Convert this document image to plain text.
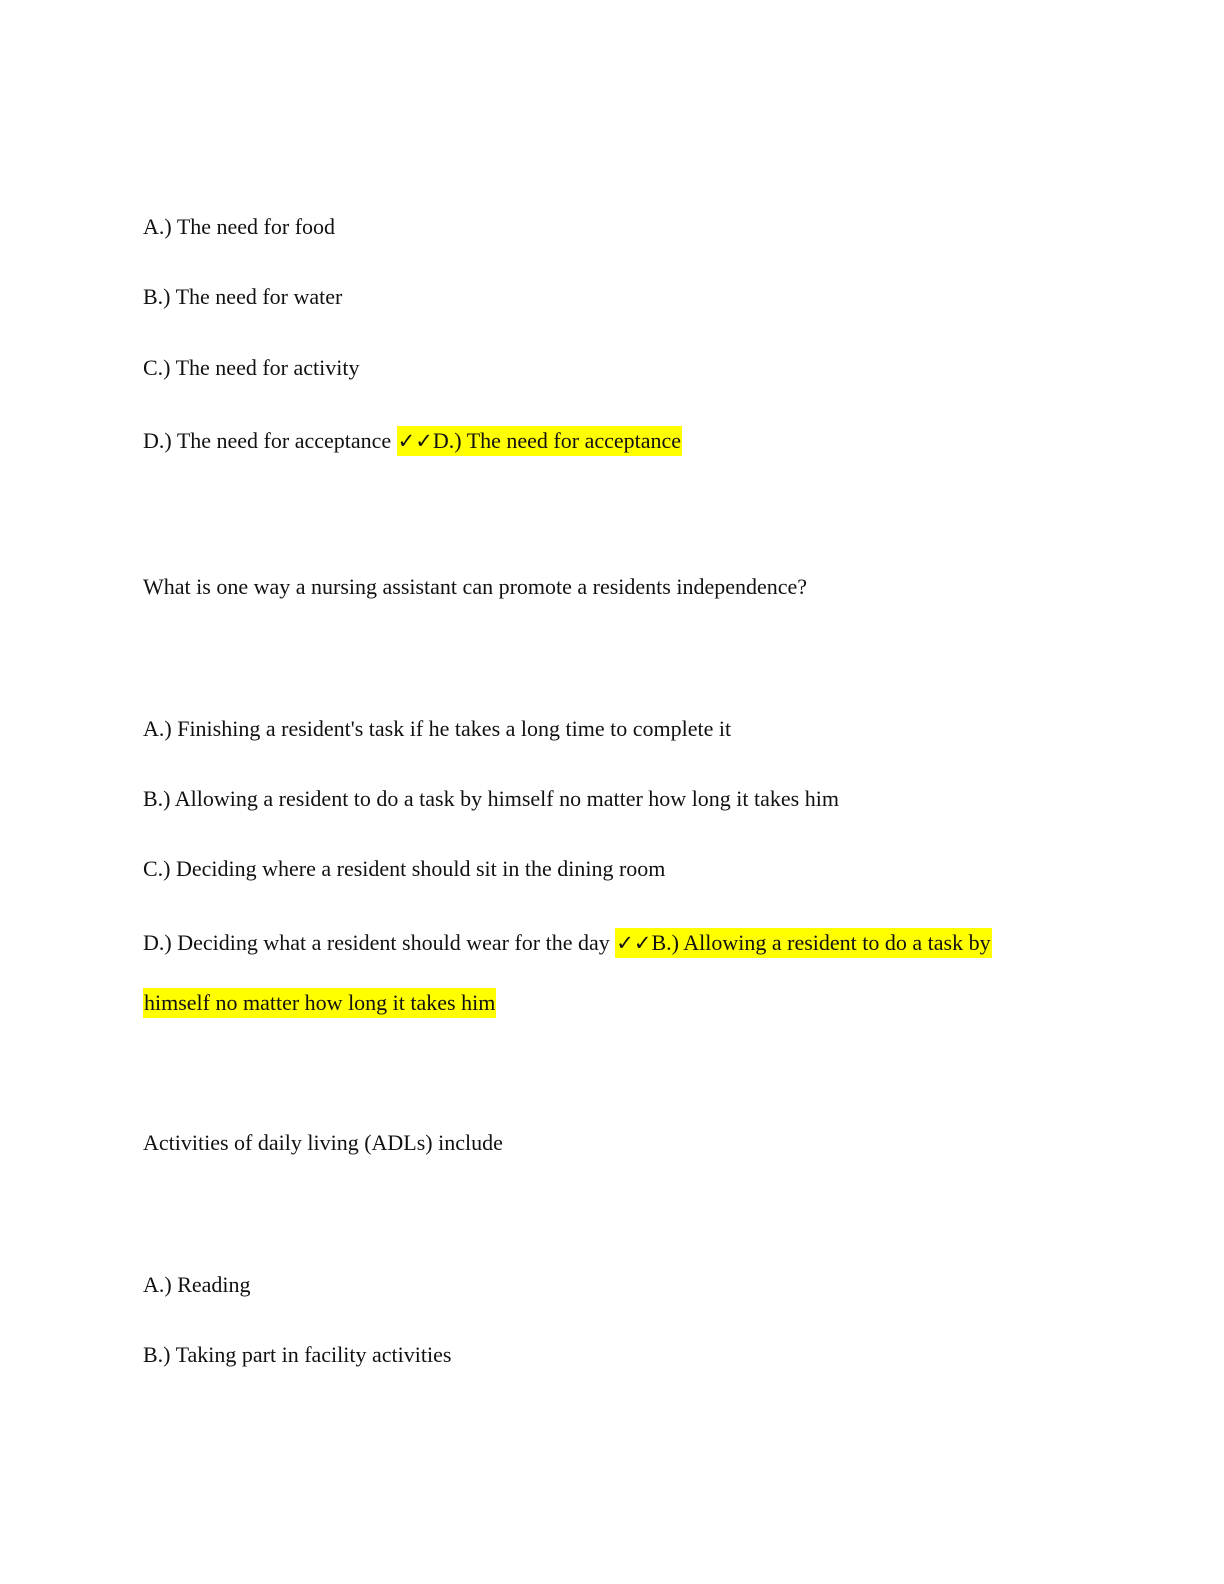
A.) The need for food
B.) The need for water
C.) The need for activity
D.) The need for acceptance ✓✓D.) The need for acceptance
What is one way a nursing assistant can promote a residents independence?
A.) Finishing a resident's task if he takes a long time to complete it
B.) Allowing a resident to do a task by himself no matter how long it takes him
C.) Deciding where a resident should sit in the dining room
D.) Deciding what a resident should wear for the day ✓✓B.) Allowing a resident to do a task by
himself no matter how long it takes him
Activities of daily living (ADLs) include
A.) Reading
B.) Taking part in facility activities
